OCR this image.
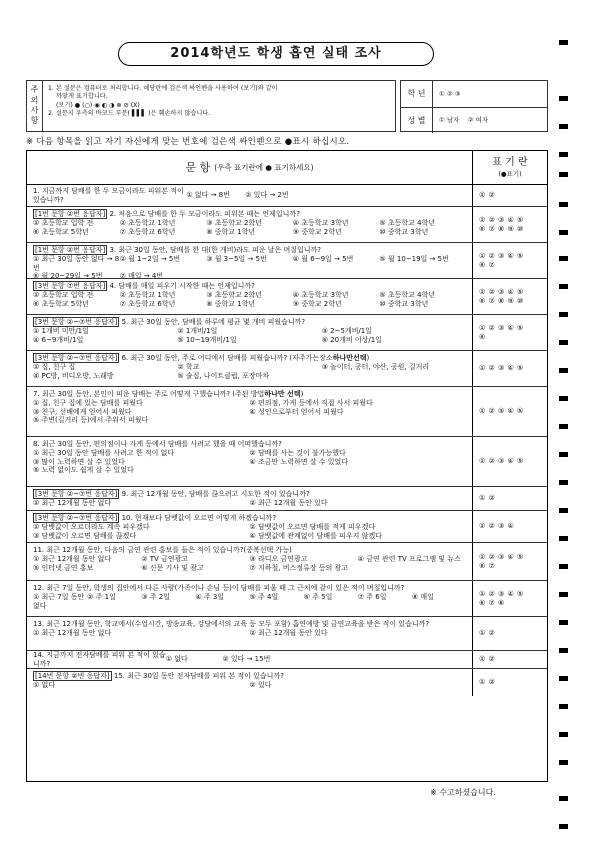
2014학년도 학생 흡연 실태 조사
주
의
사
항
1. 본 설문은 컴퓨터로 처리합니다. 해당란에 검은색 싸인펜을 사용하여 (보기)와 같이
까맣게 표기합니다.
(보기) ● (○) ◉ ◐ ◑ ⊗ ⊘ (X)
2. 설문지 우측의 바코드 부분( ▌▌▌ )은 훼손하지 않습니다.
학 년	① ② ③
성 별	① 남자 ② 여자
※ 다음 항목을 읽고 자기 자신에게 맞는 번호에 검은색 싸인펜으로 ●표시 하십시오.
문 항 (우측 표기란에 ● 표기하세요)	표 기 란
(●표기)
1. 지금까지 담배를 한 두 모금이라도 피워본 적이 있습니까?
① 없다 → 8번	② 있다 → 2번	① ②
[1번 문항 ②번 응답자] 2. 처음으로 담배를 한 두 모금이라도 피워본 때는 언제입니까?
① 초등학교 입학 전	② 초등학교 1학년	③ 초등학교 2학년	④ 초등학교 3학년	⑤ 초등학교 4학년
⑥ 초등학교 5학년	⑦ 초등학교 6학년	⑧ 중학교 1학년	⑨ 중학교 2학년	⑩ 중학교 3학년
① ② ③ ④ ⑤
⑥ ⑦ ⑧ ⑨ ⑩
[1번 문항 ②번 응답자] 3. 최근 30일 동안, 담배를 한 대(한 개비)라도 피운 날은 며칠입니까?
① 최근 30일 동안 없다 → 8번
② 월 1~2일 → 5번	③ 월 3~5일 → 5번	④ 월 6~9일 → 5번	⑤ 월 10~19일 → 5번
⑥ 월 20~29일 → 5번	⑦ 매일 → 4번
① ② ③ ④ ⑤
⑥ ⑦
[3번 문항 ⑦번 응답자] 4. 담배를 매일 피우기 시작한 때는 언제입니까?
① 초등학교 입학 전	② 초등학교 1학년	③ 초등학교 2학년	④ 초등학교 3학년	⑤ 초등학교 4학년
⑥ 초등학교 5학년	⑦ 초등학교 6학년	⑧ 중학교 1학년	⑨ 중학교 2학년	⑩ 중학교 3학년
① ② ③ ④ ⑤
⑥ ⑦ ⑧ ⑨ ⑩
[3번 문항 ②~⑦번 응답자] 5. 최근 30일 동안, 담배를 하루에 평균 몇 개비 피웠습니까?
① 1개비 미만/1일	② 1개비/1일	③ 2~5개비/1일
④ 6~9개비/1일	⑤ 10~19개비/1일	⑥ 20개비 이상/1일
① ② ③ ④ ⑤
⑥
[3번 문항 ②~⑦번 응답자] 6. 최근 30일 동안, 주로 어디에서 담배를 피웠습니까? (자주가는장소하나만선택)
① 집, 친구 집	② 학교	③ 놀이터, 공터, 야산, 공원, 길거리
④ PC방, 비디오방, 노래방	⑤ 술집, 나이트클럽, 포장마차
① ② ③ ④ ⑤
7. 최근 30일 동안, 본인이 피운 담배는 주로 어떻게 구했습니까? (주된 방법하나만 선택)
① 집, 친구 집에 있는 담배를 피웠다	② 편의점, 가게 등에서 직접 사서 피웠다
③ 친구, 선배에게 얻어서 피웠다	④ 성인으로부터 얻어서 피웠다
⑤ 주변(길거리 등)에서 주워서 피웠다
① ② ③ ④ ⑤
8. 최근 30일 동안, 편의점이나 가게 등에서 담배를 사려고 했을 때 어떠했습니까?
① 최근 30일 동안 담배를 사려고 한 적이 없다	② 담배를 사는 것이 불가능했다
③ 많이 노력하면 살 수 있었다	④ 조금만 노력하면 살 수 있었다
⑤ 노력 없이도 쉽게 살 수 있었다
① ② ③ ④ ⑤
[3번 문항 ②~⑦번 응답자] 9. 최근 12개월 동안, 담배를 끊으려고 시도한 적이 있습니까?
① 최근 12개월 동안 없다	② 최근 12개월 동안 있다
① ②
[3번 문항 ②~⑦번 응답자] 10. 현재보다 담뱃값이 오르면 어떻게 하겠습니까?
① 담뱃값이 오르더라도 계속 피우겠다	② 담뱃값이 오르면 담배를 적게 피우겠다
③ 담뱃값이 오르면 담배를 끊겠다	④ 담뱃값에 관계없이 담배를 피우지 않겠다
① ② ③ ④
11. 최근 12개월 동안, 다음의 금연 관련 홍보를 들은 적이 있습니까?(중복선택 가능)
① 최근 12개월 동안 없다	② TV 금연광고	③ 라디오 금연광고	④ 금연 관련 TV 프로그램 및 뉴스
⑤ 인터넷 금연 홍보	⑥ 신문 기사 및 광고	⑦ 지하철, 버스정류장 등의 광고
① ② ③ ④ ⑤
⑥ ⑦
12. 최근 7일 동안, 학생의 집안에서 다른 사람(가족이나 손님 등)이 담배를 피울 때 그 근처에 같이 있은 적이 며칠입니까?
① 최근 7일 동안 없다
② 주 1일	③ 주 2일	④ 주 3일	⑤ 주 4일	⑥ 주 5일	⑦ 주 6일	⑧ 매일	① ② ③ ④ ⑤
⑥ ⑦ ⑧
13. 최근 12개월 동안, 학교에서(수업시간, 방송교육, 강당에서의 교육 등 모두 포함) 흡연예방 및 금연교육을 받은 적이 있습니까?
① 최근 12개월 동안 없다	② 최근 12개월 동안 있다	① ②
14. 지금까지 전자담배를 피워 본 적이 있습니까?
① 없다	② 있다 → 15번	① ②
[14번 문항 ②번 응답자] 15. 최근 30일 동안 전자담배를 피워 본 적이 있습니까?
① 없다	② 있다	① ②
※ 수고하셨습니다.
